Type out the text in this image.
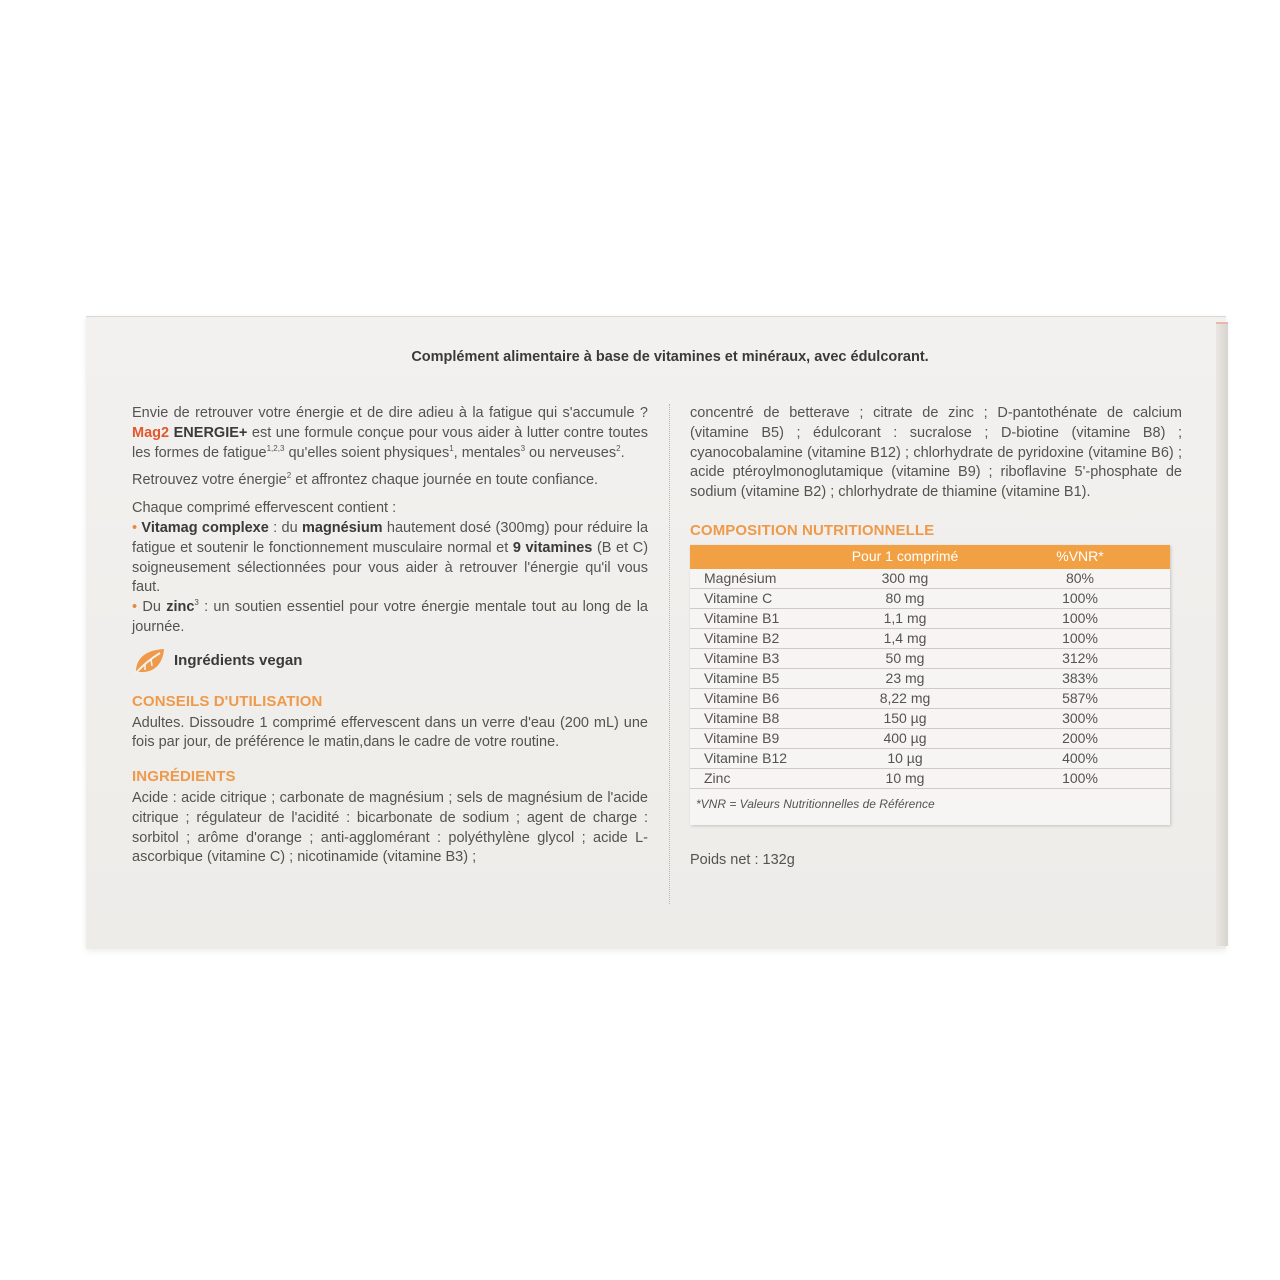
Complément alimentaire à base de vitamines et minéraux, avec édulcorant.

Envie de retrouver votre énergie et de dire adieu à la fatigue qui s'accumule ? Mag2 ENERGIE+ est une formule conçue pour vous aider à lutter contre toutes les formes de fatigue$^{1,2,3}$ qu'elles soient physiques$^1$, mentales$^3$ ou nerveuses$^2$.

Retrouvez votre énergie$^2$ et affrontez chaque journée en toute confiance.

Chaque comprimé effervescent contient :

• Vitamag complexe : du magnésium hautement dosé (300mg) pour réduire la fatigue et soutenir le fonctionnement musculaire normal et 9 vitamines (B et C) soigneusement sélectionnées pour vous aider à retrouver l'énergie qu'il vous faut.

• Du zinc$^3$ : un soutien essentiel pour votre énergie mentale tout au long de la journée.

Ingrédients vegan
CONSEILS D'UTILISATION

Adultes. Dissoudre 1 comprimé effervescent dans un verre d'eau (200 mL) une fois par jour, de préférence le matin,dans le cadre de votre routine.

INGRÉDIENTS

Acide : acide citrique ; carbonate de magnésium ; sels de magnésium de l'acide citrique ; régulateur de l'acidité : bicarbonate de sodium ; agent de charge : sorbitol ; arôme d'orange ; anti-agglomérant : polyéthylène glycol ; acide L-ascorbique (vitamine C) ; nicotinamide (vitamine B3) ;

concentré de betterave ; citrate de zinc ; D-pantothénate de calcium (vitamine B5) ; édulcorant : sucralose ; D-biotine (vitamine B8) ; cyanocobalamine (vitamine B12) ; chlorhydrate de pyridoxine (vitamine B6) ; acide ptéroylmonoglutamique (vitamine B9) ; riboflavine 5'-phosphate de sodium (vitamine B2) ; chlorhydrate de thiamine (vitamine B1).

COMPOSITION NUTRITIONNELLE
	Pour 1 comprimé	%VNR*
Magnésium	300 mg	80%
Vitamine C	80 mg	100%
Vitamine B1	1,1 mg	100%
Vitamine B2	1,4 mg	100%
Vitamine B3	50 mg	312%
Vitamine B5	23 mg	383%
Vitamine B6	8,22 mg	587%
Vitamine B8	150 µg	300%
Vitamine B9	400 µg	200%
Vitamine B12	10 µg	400%
Zinc	10 mg	100%
*VNR = Valeurs Nutritionnelles de Référence
Poids net : 132g
